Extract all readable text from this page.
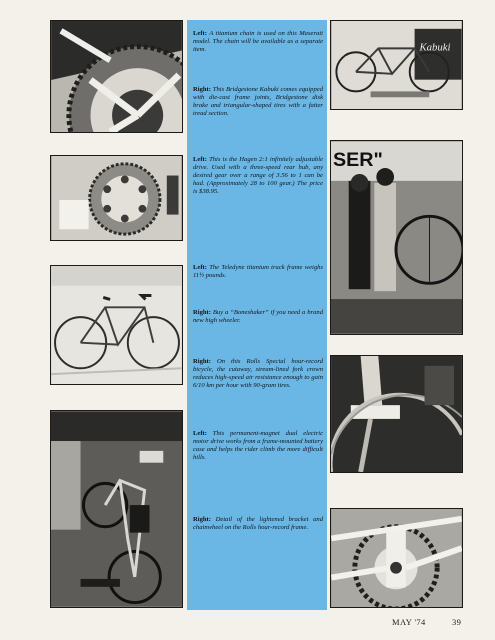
Left: A titanium chain is used on this Maserati model. The chain will be available as a separate item.

Right: This Bridgestone Kabuki comes equipped with die-cast frame joints, Bridgestone disk brake and triangular-shaped tires with a fatter tread section.

Left: This is the Hagen 2:1 infinitely adjustable drive. Used with a three-speed rear hub, any desired gear over a range of 3.56 to 1 can be had. (Approximately 28 to 100 gear.) The price is $38.95.

Left: The Teledyne titanium track frame weighs 11½ pounds.

Right: Buy a “Boneshaker” if you need a brand new high wheeler.

Right: On this Rolls Special hour-record bicycle, the cutaway, stream-lined fork crown reduces high-speed air resistance enough to gain 6/10 km per hour with 90-gram tires.

Left: This permanent-magnet dual electric motor drive works from a frame-mounted battery case and helps the rider climb the more difficult hills.

Right: Detail of the lightened bracket and chainwheel on the Rolls hour-record frame.

Kabuki
SER"
MAY '74	39
